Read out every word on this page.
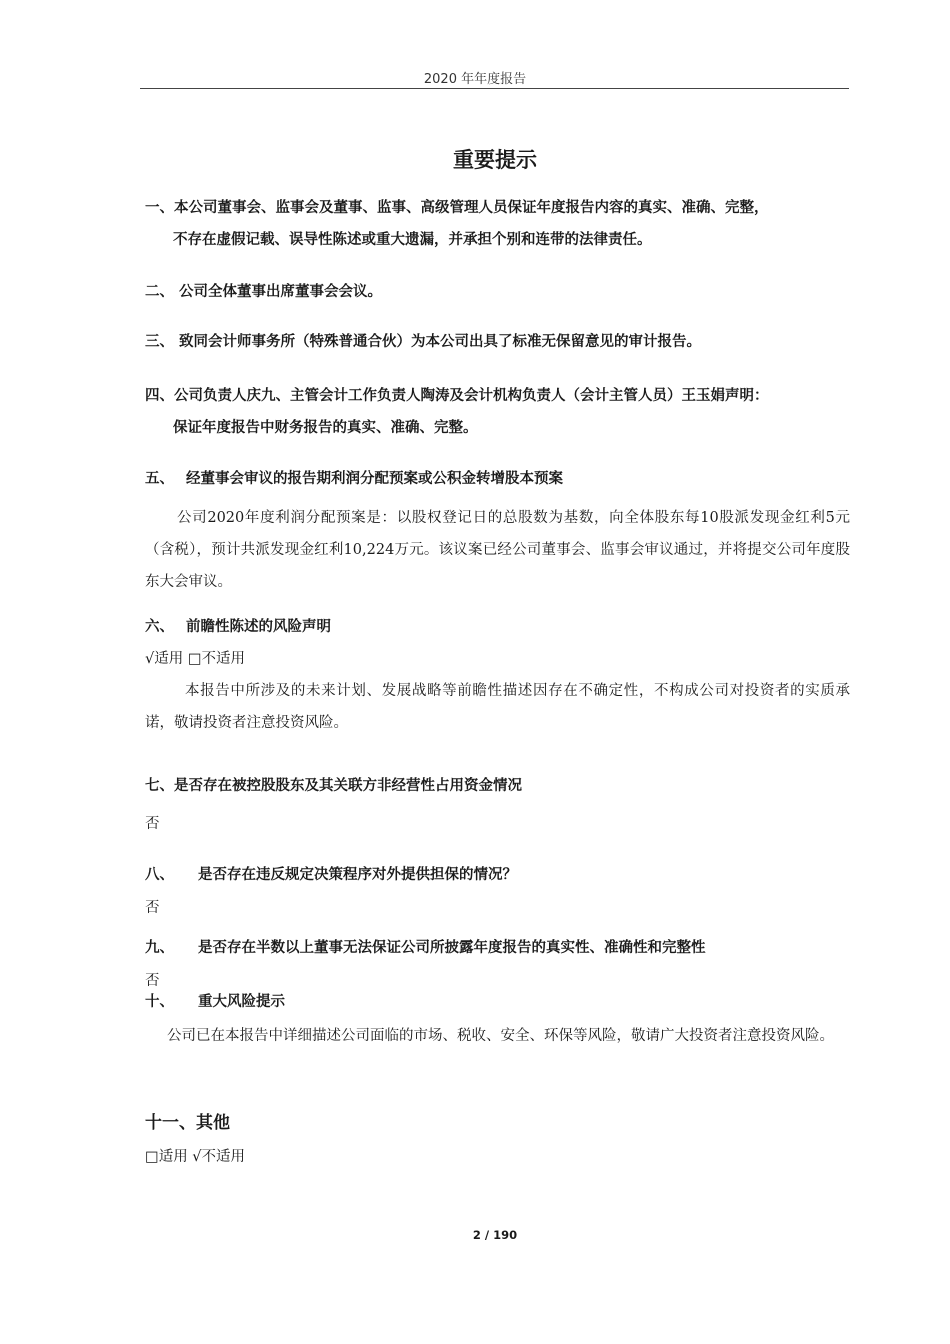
2020 年年度报告
重要提示
一、本公司董事会、监事会及董事、监事、高级管理人员保证年度报告内容的真实、准确、完整，
不存在虚假记载、误导性陈述或重大遗漏，并承担个别和连带的法律责任。
二、 公司全体董事出席董事会会议。
三、 致同会计师事务所（特殊普通合伙）为本公司出具了标准无保留意见的审计报告。
四、公司负责人庆九、主管会计工作负责人陶涛及会计机构负责人（会计主管人员）王玉娟声明：
保证年度报告中财务报告的真实、准确、完整。
五、 经董事会审议的报告期利润分配预案或公积金转增股本预案
公司2020年度利润分配预案是：以股权登记日的总股数为基数，向全体股东每10股派发现金红利5元（含税），预计共派发现金红利10,224万元。该议案已经公司董事会、监事会审议通过，并将提交公司年度股东大会审议。
六、 前瞻性陈述的风险声明
√适用 □不适用
本报告中所涉及的未来计划、发展战略等前瞻性描述因存在不确定性，不构成公司对投资者的实质承诺，敬请投资者注意投资风险。
七、是否存在被控股股东及其关联方非经营性占用资金情况
否
八、 是否存在违反规定决策程序对外提供担保的情况？
否
九、 是否存在半数以上董事无法保证公司所披露年度报告的真实性、准确性和完整性
否
十、 重大风险提示
公司已在本报告中详细描述公司面临的市场、税收、安全、环保等风险，敬请广大投资者注意投资风险。
十一、其他
□适用 √不适用
2 / 190
